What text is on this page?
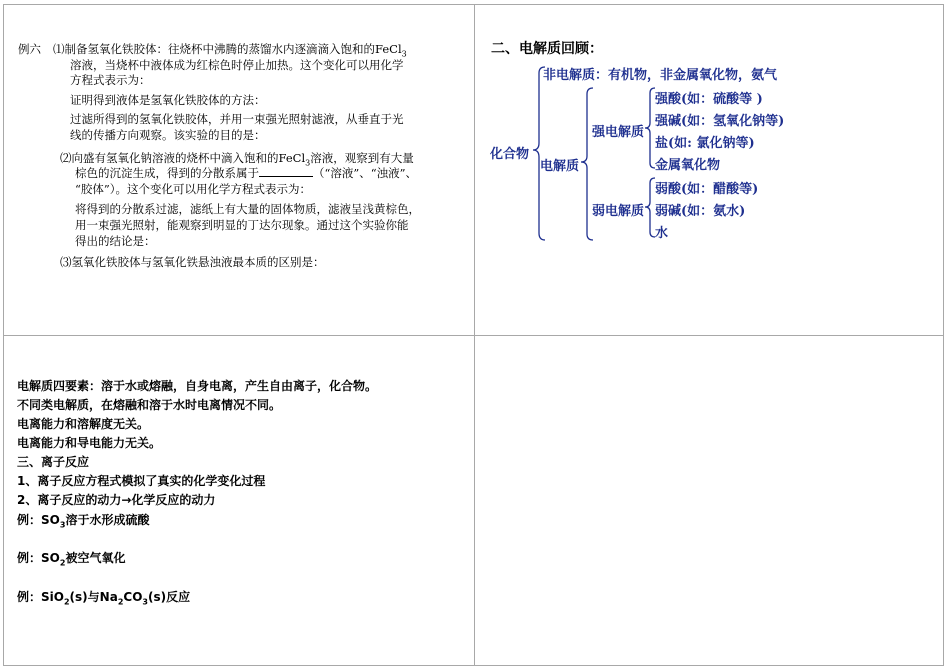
例六 ⑴制备氢氧化铁胶体：往烧杯中沸腾的蒸馏水内逐滴滴入饱和的FeCl$_3$
溶液，当烧杯中液体成为红棕色时停止加热。这个变化可以用化学
方程式表示为：
证明得到液体是氢氧化铁胶体的方法：
过滤所得到的氢氧化铁胶体，并用一束强光照射滤液，从垂直于光
线的传播方向观察。该实验的目的是：
⑵向盛有氢氧化钠溶液的烧杯中滴入饱和的FeCl$_3$溶液，观察到有大量
棕色的沉淀生成，得到的分散系属于	（“溶液”、“浊液”、
“胶体”）。这个变化可以用化学方程式表示为：
将得到的分散系过滤，滤纸上有大量的固体物质，滤液呈浅黄棕色，
用一束强光照射，能观察到明显的丁达尔现象。通过这个实验你能
得出的结论是：
⑶氢氧化铁胶体与氢氧化铁悬浊液最本质的区别是：
二、电解质回顾：
化合物
非电解质：有机物，非金属氧化物，氨气
电解质
强电解质
强酸(如：硫酸等 )
强碱(如：氢氧化钠等)
盐(如: 氯化钠等)
金属氧化物
弱电解质
弱酸(如：醋酸等)
弱碱(如：氨水)
水
电解质四要素：溶于水或熔融，自身电离，产生自由离子，化合物。
不同类电解质，在熔融和溶于水时电离情况不同。
电离能力和溶解度无关。
电离能力和导电能力无关。
三、离子反应
1、离子反应方程式模拟了真实的化学变化过程
2、离子反应的动力→化学反应的动力
例：$SO_3$溶于水形成硫酸
例：$SO_2$被空气氧化
例：SiO$_2$(s)与$Na_2CO_3(s)$反应
